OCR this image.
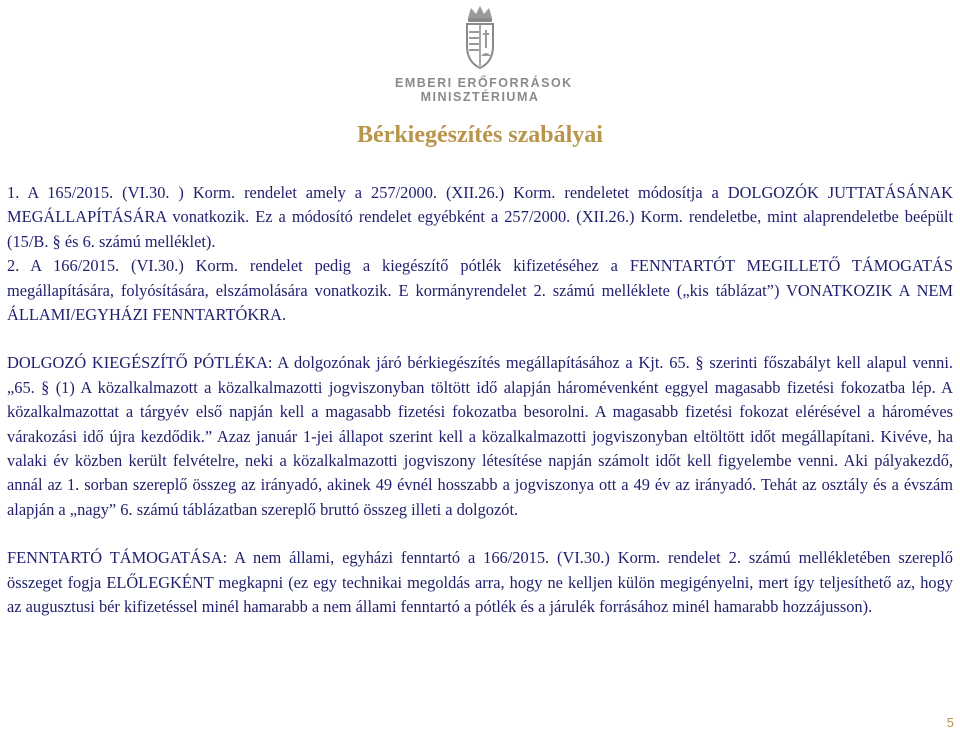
EMBERI ERŐFORRÁSOK
MINISZTÉRIUMA
Bérkiegészítés szabályai

1. A 165/2015. (VI.30. ) Korm. rendelet amely a 257/2000. (XII.26.) Korm. rendeletet módosítja a DOLGOZÓK JUTTATÁSÁNAK MEGÁLLAPÍTÁSÁRA vonatkozik. Ez a módosító rendelet egyébként a 257/2000. (XII.26.) Korm. rendeletbe, mint alaprendeletbe beépült (15/B. § és 6. számú melléklet).

2. A 166/2015. (VI.30.) Korm. rendelet pedig a kiegészítő pótlék kifizetéséhez a FENNTARTÓT MEGILLETŐ TÁMOGATÁS megállapítására, folyósítására, elszámolására vonatkozik. E kormányrendelet 2. számú melléklete („kis táblázat”) VONATKOZIK A NEM ÁLLAMI/EGYHÁZI FENNTARTÓKRA.

DOLGOZÓ KIEGÉSZÍTŐ PÓTLÉKA: A dolgozónak járó bérkiegészítés megállapításához a Kjt. 65. § szerinti főszabályt kell alapul venni. „65. § (1) A közalkalmazott a közalkalmazotti jogviszonyban töltött idő alapján háromévenként eggyel magasabb fizetési fokozatba lép. A közalkalmazottat a tárgyév első napján kell a magasabb fizetési fokozatba besorolni. A magasabb fizetési fokozat elérésével a hároméves várakozási idő újra kezdődik.” Azaz január 1-jei állapot szerint kell a közalkalmazotti jogviszonyban eltöltött időt megállapítani. Kivéve, ha valaki év közben került felvételre, neki a közalkalmazotti jogviszony létesítése napján számolt időt kell figyelembe venni. Aki pályakezdő, annál az 1. sorban szereplő összeg az irányadó, akinek 49 évnél hosszabb a jogviszonya ott a 49 év az irányadó. Tehát az osztály és a évszám alapján a „nagy” 6. számú táblázatban szereplő bruttó összeg illeti a dolgozót.

FENNTARTÓ TÁMOGATÁSA: A nem állami, egyházi fenntartó a 166/2015. (VI.30.) Korm. rendelet 2. számú mellékletében szereplő összeget fogja ELŐLEGKÉNT megkapni (ez egy technikai megoldás arra, hogy ne kelljen külön megigényelni, mert így teljesíthető az, hogy az augusztusi bér kifizetéssel minél hamarabb a nem állami fenntartó a pótlék és a járulék forrásához minél hamarabb hozzájusson).

5
